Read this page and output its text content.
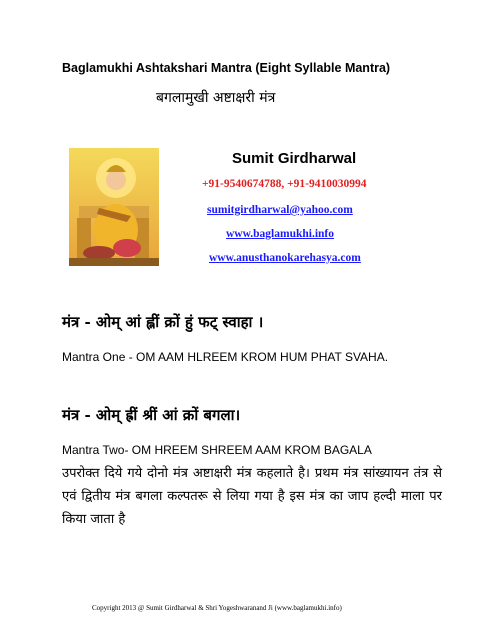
Baglamukhi Ashtakshari Mantra (Eight Syllable Mantra)
बगलामुखी अष्टाक्षरी मंत्र
Sumit Girdharwal
+91-9540674788, +91-9410030994
sumitgirdharwal@yahoo.com
www.baglamukhi.info
www.anusthanokarehasya.com
मंत्र - ओम् आं ह्लीं क्रों हुं फट् स्वाहा ।
Mantra One - OM AAM HLREEM KROM HUM PHAT SVAHA.
मंत्र - ओम् ह्रीं श्रीं आं क्रों बगला।
Mantra Two- OM HREEM SHREEM AAM KROM BAGALA
उपरोक्त दिये गये दोनो मंत्र अष्टाक्षरी मंत्र कहलाते है। प्रथम मंत्र सांख्यायन तंत्र से एवं द्वितीय मंत्र बगला कल्पतरू से लिया गया है इस मंत्र का जाप हल्दी माला पर किया जाता है
Copyright 2013 @ Sumit Girdharwal & Shri Yogeshwaranand Ji (www.baglamukhi.info)
